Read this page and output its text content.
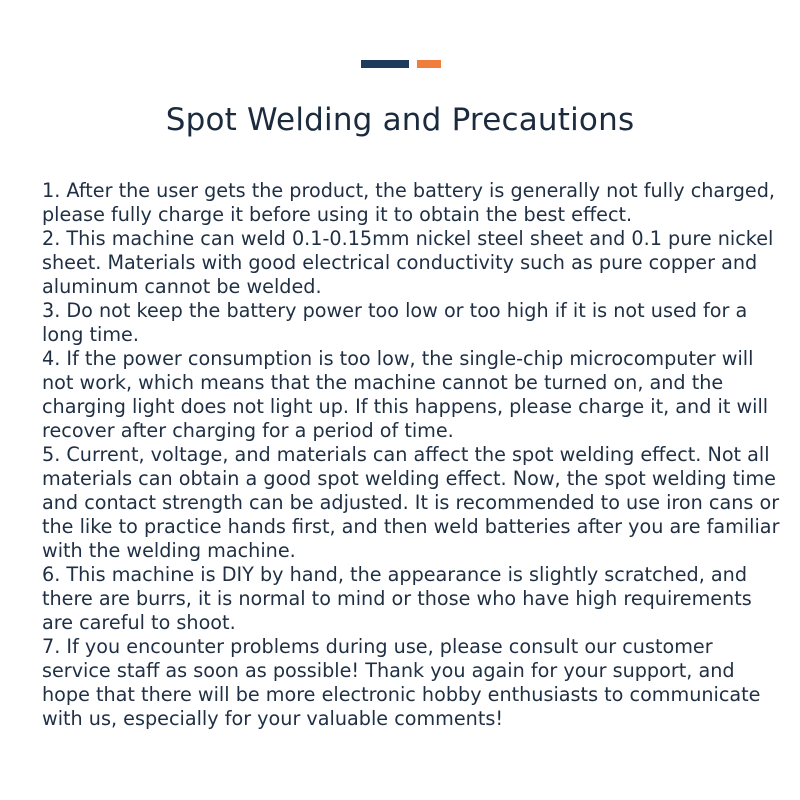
Spot Welding and Precautions

1. After the user gets the product, the battery is generally not fully charged, please fully charge it before using it to obtain the best effect.

2. This machine can weld 0.1-0.15mm nickel steel sheet and 0.1 pure nickel sheet. Materials with good electrical conductivity such as pure copper and aluminum cannot be welded.

3. Do not keep the battery power too low or too high if it is not used for a long time.

4. If the power consumption is too low, the single-chip microcomputer will not work, which means that the machine cannot be turned on, and the charging light does not light up. If this happens, please charge it, and it will recover after charging for a period of time.

5. Current, voltage, and materials can affect the spot welding effect. Not all materials can obtain a good spot welding effect. Now, the spot welding time and contact strength can be adjusted. It is recommended to use iron cans or the like to practice hands first, and then weld batteries after you are familiar with the welding machine.

6. This machine is DIY by hand, the appearance is slightly scratched, and there are burrs, it is normal to mind or those who have high requirements are careful to shoot.

7. If you encounter problems during use, please consult our customer service staff as soon as possible! Thank you again for your support, and hope that there will be more electronic hobby enthusiasts to communicate with us, especially for your valuable comments!
